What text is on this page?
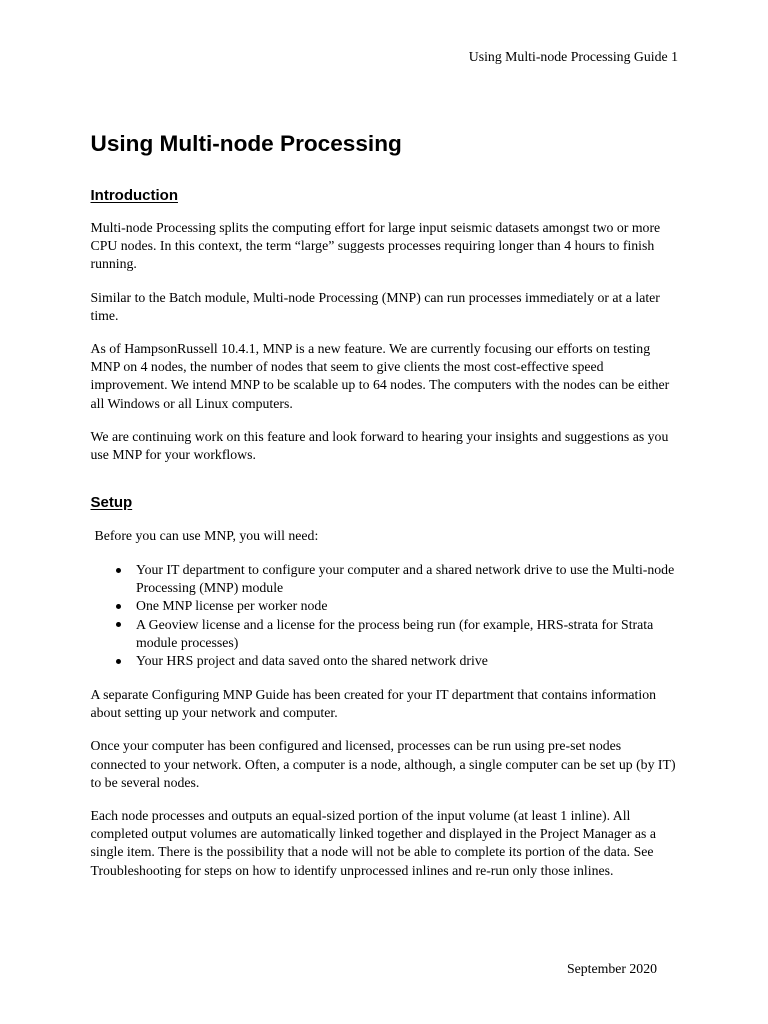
Using Multi-node Processing Guide 1
Using Multi-node Processing
Introduction

Multi-node Processing splits the computing effort for large input seismic datasets amongst two or more CPU nodes. In this context, the term “large” suggests processes requiring longer than 4 hours to finish running.

Similar to the Batch module, Multi-node Processing (MNP) can run processes immediately or at a later time.

As of HampsonRussell 10.4.1, MNP is a new feature. We are currently focusing our efforts on testing MNP on 4 nodes, the number of nodes that seem to give clients the most cost-effective speed improvement. We intend MNP to be scalable up to 64 nodes. The computers with the nodes can be either all Windows or all Linux computers.

We are continuing work on this feature and look forward to hearing your insights and suggestions as you use MNP for your workflows.

Setup

Before you can use MNP, you will need:

Your IT department to configure your computer and a shared network drive to use the Multi-node Processing (MNP) module
One MNP license per worker node
A Geoview license and a license for the process being run (for example, HRS-strata for Strata module processes)
Your HRS project and data saved onto the shared network drive

A separate Configuring MNP Guide has been created for your IT department that contains information about setting up your network and computer.

Once your computer has been configured and licensed, processes can be run using pre-set nodes connected to your network. Often, a computer is a node, although, a single computer can be set up (by IT) to be several nodes.

Each node processes and outputs an equal-sized portion of the input volume (at least 1 inline). All completed output volumes are automatically linked together and displayed in the Project Manager as a single item. There is the possibility that a node will not be able to complete its portion of the data. See Troubleshooting for steps on how to identify unprocessed inlines and re-run only those inlines.

September 2020
